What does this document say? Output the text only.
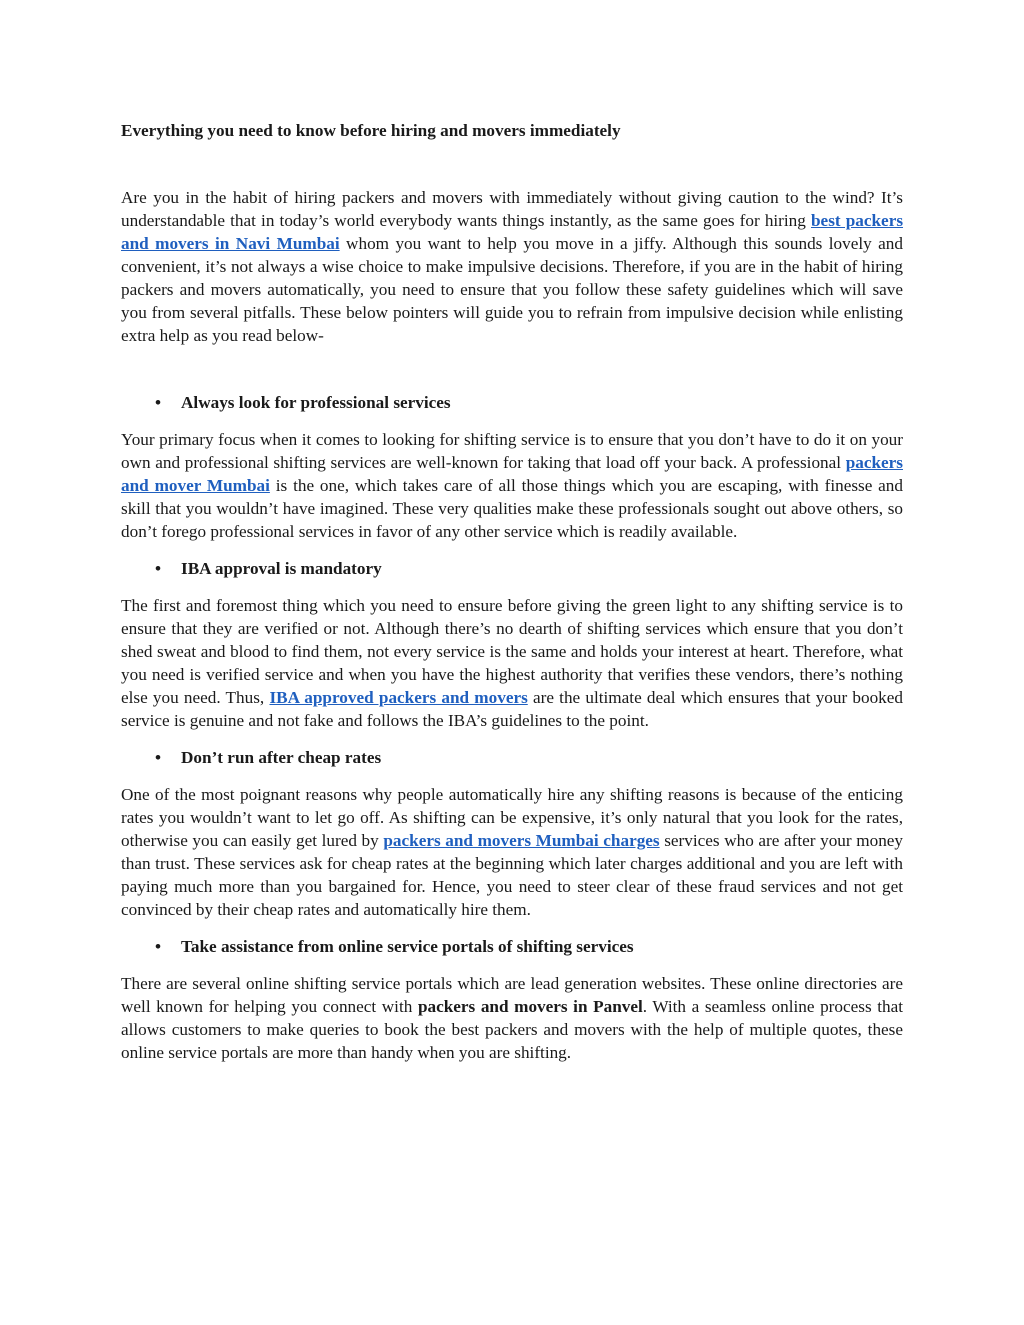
Everything you need to know before hiring and movers immediately

Are you in the habit of hiring packers and movers with immediately without giving caution to the wind? It’s understandable that in today’s world everybody wants things instantly, as the same goes for hiring best packers and movers in Navi Mumbai whom you want to help you move in a jiffy. Although this sounds lovely and convenient, it’s not always a wise choice to make impulsive decisions. Therefore, if you are in the habit of hiring packers and movers automatically, you need to ensure that you follow these safety guidelines which will save you from several pitfalls. These below pointers will guide you to refrain from impulsive decision while enlisting extra help as you read below-

• Always look for professional services

Your primary focus when it comes to looking for shifting service is to ensure that you don’t have to do it on your own and professional shifting services are well-known for taking that load off your back. A professional packers and mover Mumbai is the one, which takes care of all those things which you are escaping, with finesse and skill that you wouldn’t have imagined. These very qualities make these professionals sought out above others, so don’t forego professional services in favor of any other service which is readily available.

• IBA approval is mandatory

The first and foremost thing which you need to ensure before giving the green light to any shifting service is to ensure that they are verified or not. Although there’s no dearth of shifting services which ensure that you don’t shed sweat and blood to find them, not every service is the same and holds your interest at heart. Therefore, what you need is verified service and when you have the highest authority that verifies these vendors, there’s nothing else you need. Thus, IBA approved packers and movers are the ultimate deal which ensures that your booked service is genuine and not fake and follows the IBA’s guidelines to the point.

• Don’t run after cheap rates

One of the most poignant reasons why people automatically hire any shifting reasons is because of the enticing rates you wouldn’t want to let go off. As shifting can be expensive, it’s only natural that you look for the rates, otherwise you can easily get lured by packers and movers Mumbai charges services who are after your money than trust. These services ask for cheap rates at the beginning which later charges additional and you are left with paying much more than you bargained for. Hence, you need to steer clear of these fraud services and not get convinced by their cheap rates and automatically hire them.

• Take assistance from online service portals of shifting services

There are several online shifting service portals which are lead generation websites. These online directories are well known for helping you connect with packers and movers in Panvel. With a seamless online process that allows customers to make queries to book the best packers and movers with the help of multiple quotes, these online service portals are more than handy when you are shifting.
